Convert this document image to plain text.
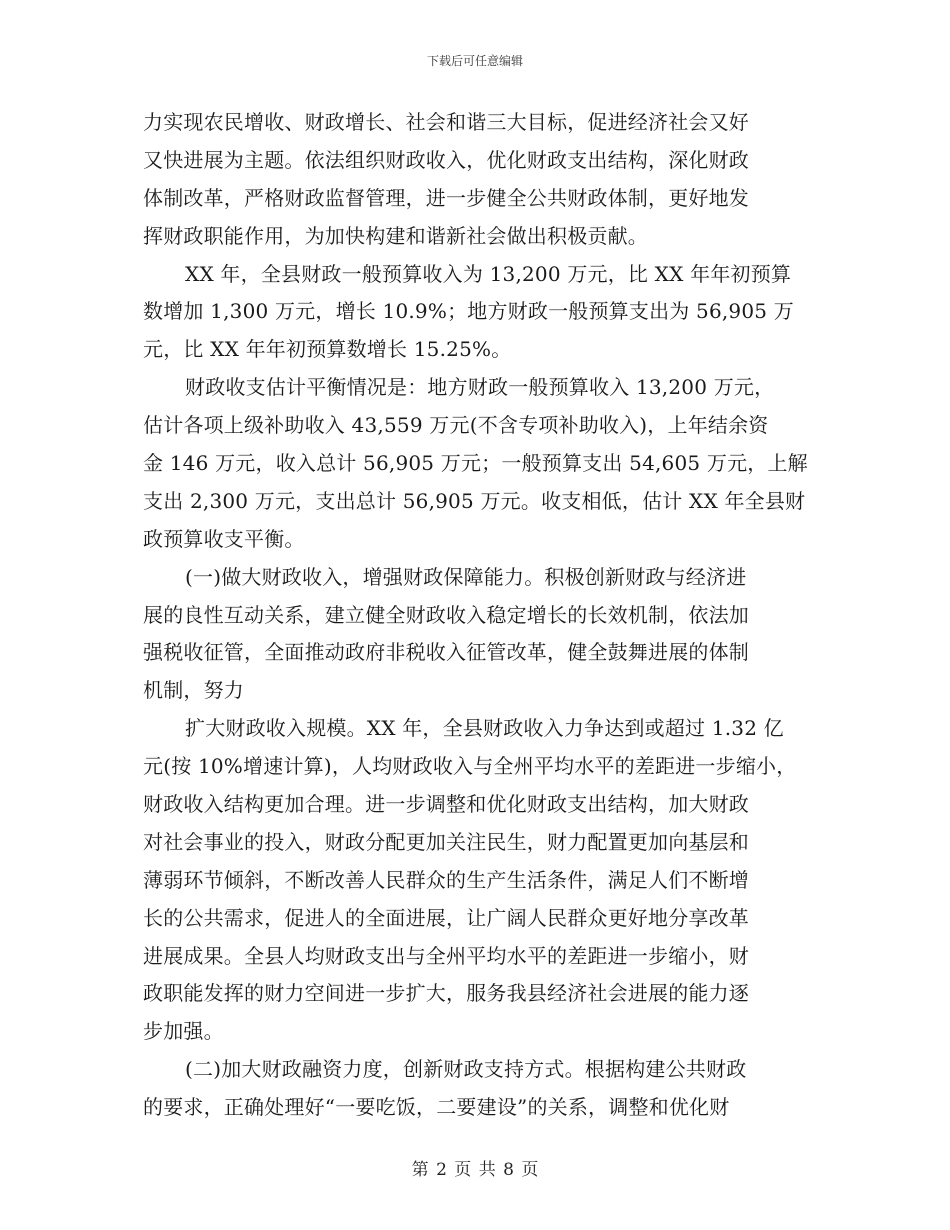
下载后可任意编辑
力实现农民增收、财政增长、社会和谐三大目标，促进经济社会又好
又快进展为主题。依法组织财政收入，优化财政支出结构，深化财政
体制改革，严格财政监督管理，进一步健全公共财政体制，更好地发
挥财政职能作用，为加快构建和谐新社会做出积极贡献。
XX 年，全县财政一般预算收入为 13,200 万元，比 XX 年年初预算
数增加 1,300 万元，增长 10.9%；地方财政一般预算支出为 56,905 万
元，比 XX 年年初预算数增长 15.25%。
财政收支估计平衡情况是：地方财政一般预算收入 13,200 万元，
估计各项上级补助收入 43,559 万元(不含专项补助收入)，上年结余资
金 146 万元，收入总计 56,905 万元；一般预算支出 54,605 万元，上解
支出 2,300 万元，支出总计 56,905 万元。收支相低，估计 XX 年全县财
政预算收支平衡。
(一)做大财政收入，增强财政保障能力。积极创新财政与经济进
展的良性互动关系，建立健全财政收入稳定增长的长效机制，依法加
强税收征管，全面推动政府非税收入征管改革，健全鼓舞进展的体制
机制，努力
扩大财政收入规模。XX 年，全县财政收入力争达到或超过 1.32 亿
元(按 10%增速计算)，人均财政收入与全州平均水平的差距进一步缩小，
财政收入结构更加合理。进一步调整和优化财政支出结构，加大财政
对社会事业的投入，财政分配更加关注民生，财力配置更加向基层和
薄弱环节倾斜，不断改善人民群众的生产生活条件，满足人们不断增
长的公共需求，促进人的全面进展，让广阔人民群众更好地分享改革
进展成果。全县人均财政支出与全州平均水平的差距进一步缩小，财
政职能发挥的财力空间进一步扩大，服务我县经济社会进展的能力逐
步加强。
(二)加大财政融资力度，创新财政支持方式。根据构建公共财政
的要求，正确处理好“一要吃饭，二要建设”的关系，调整和优化财
第 2 页 共 8 页
